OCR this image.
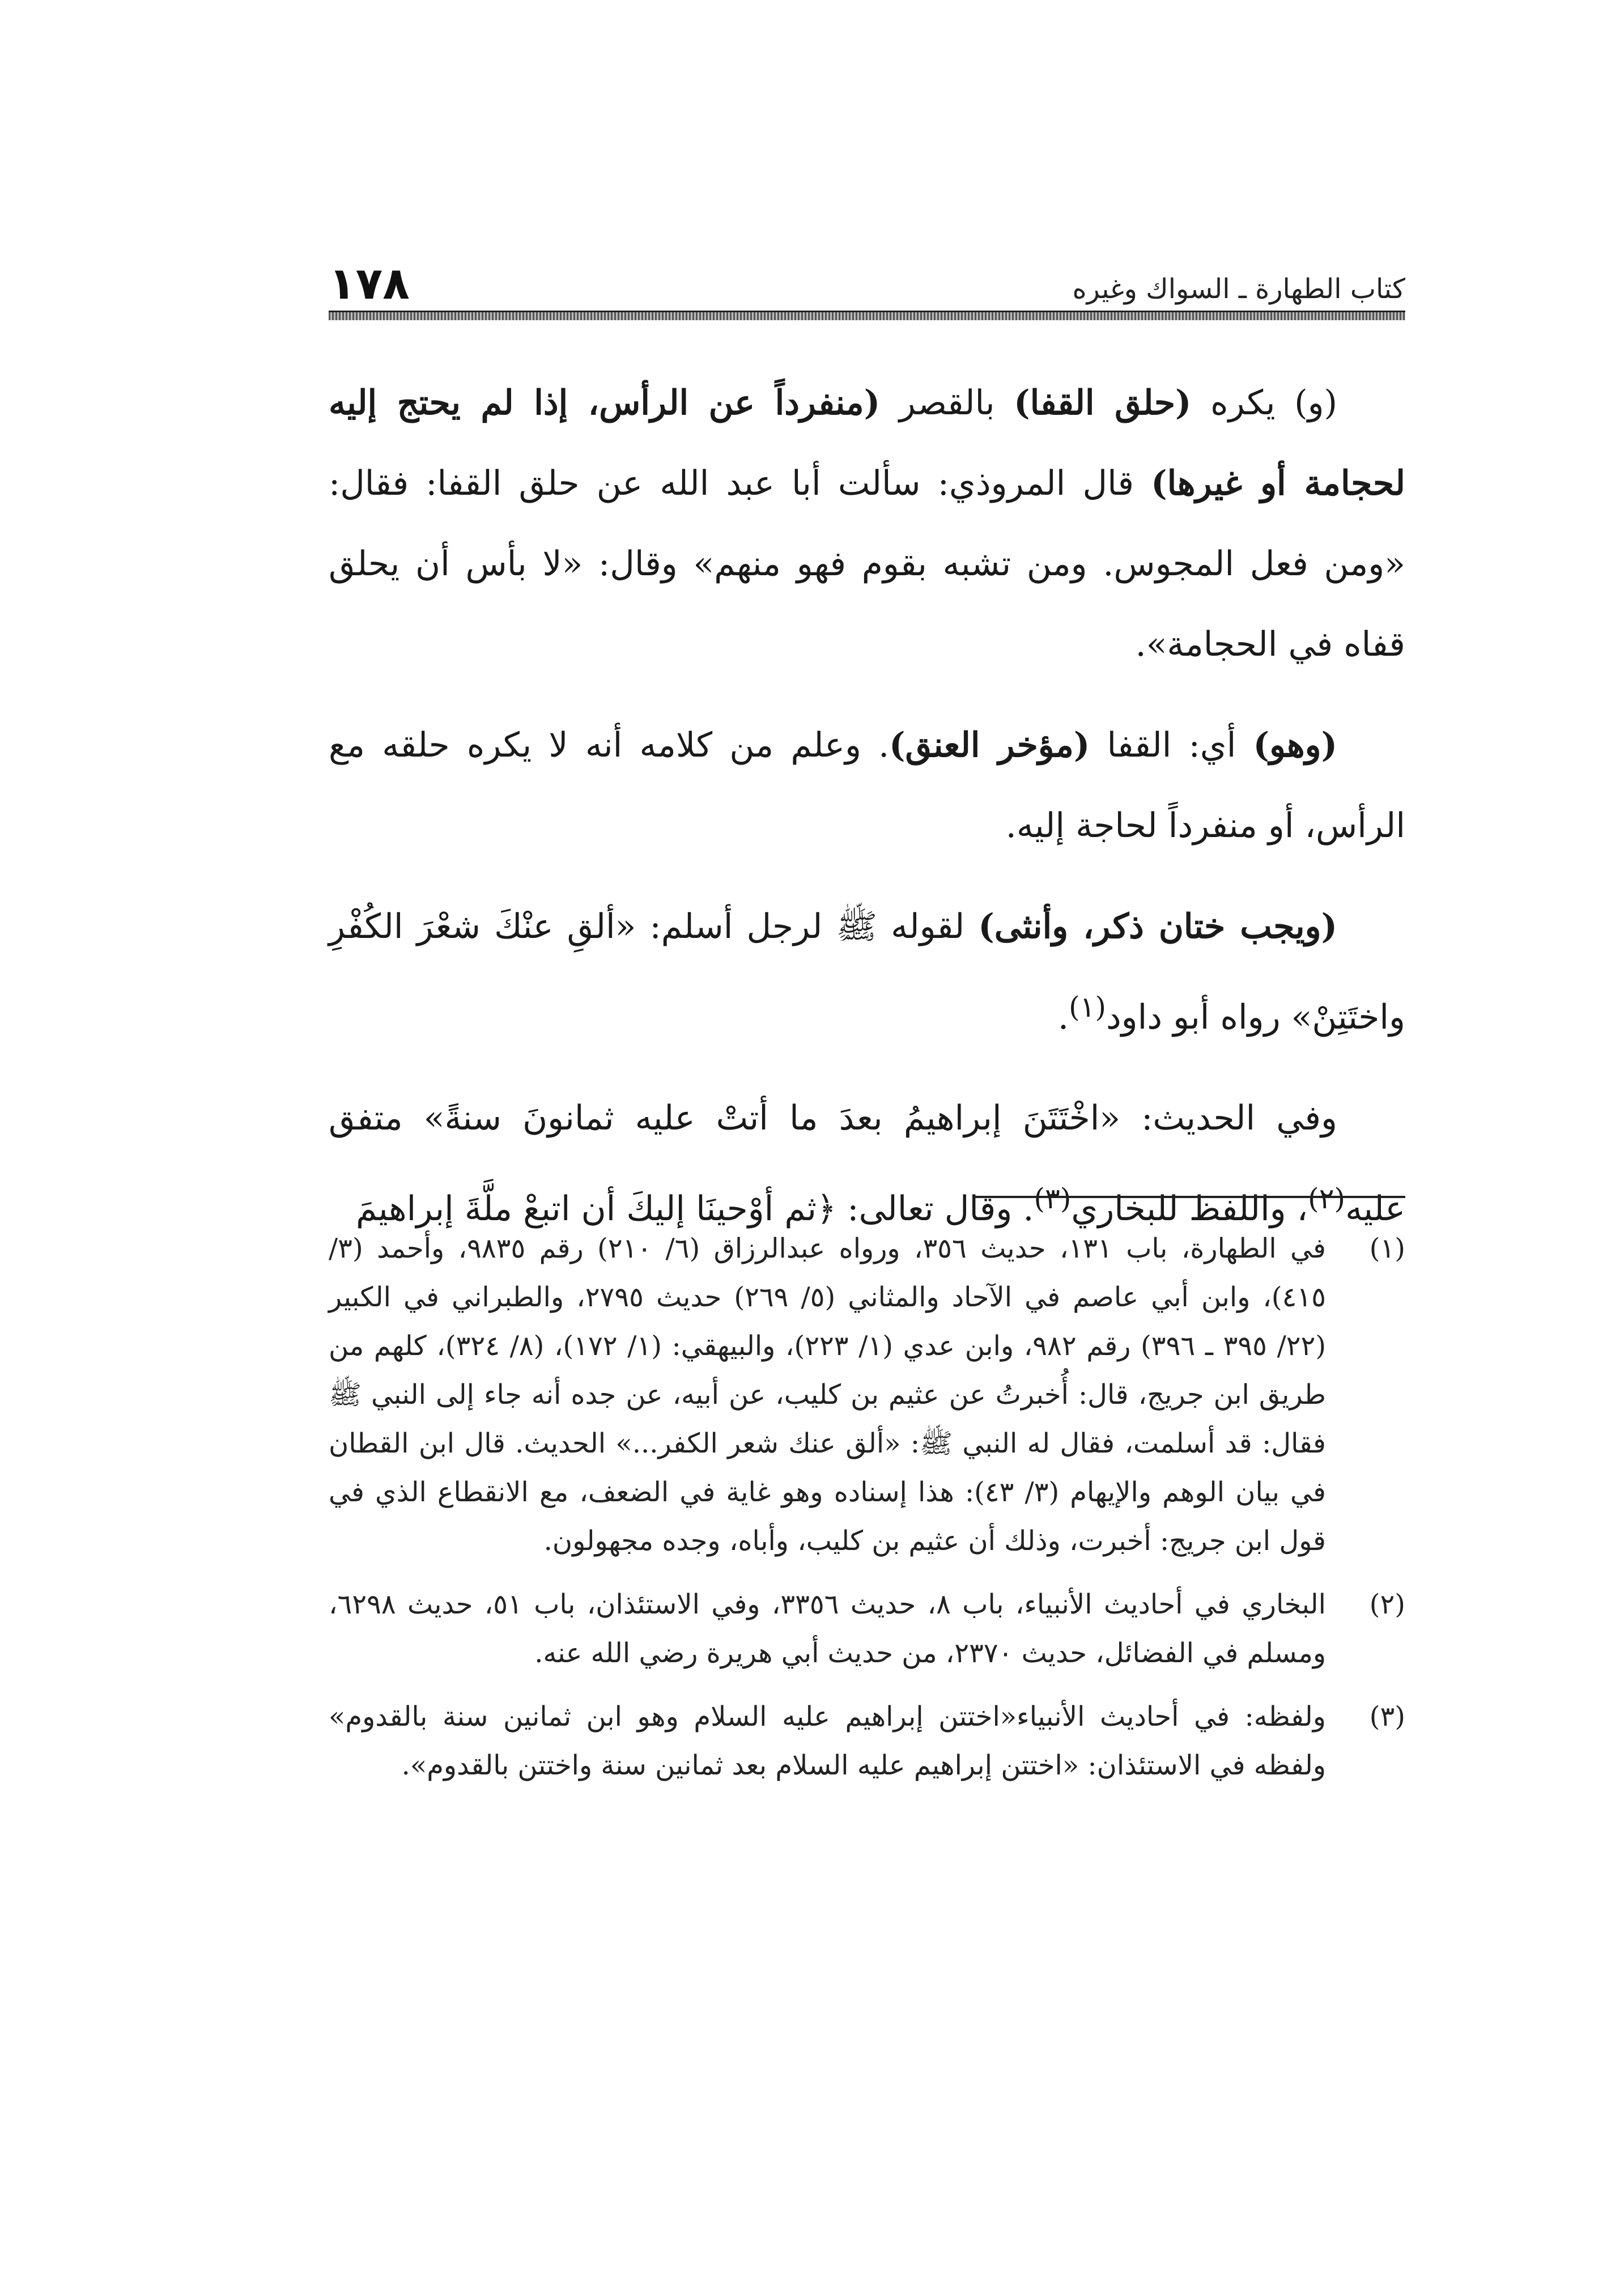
كتاب الطهارة ـ السواك وغيره
١٧٨

(و) يكره (حلق القفا) بالقصر (منفرداً عن الرأس، إذا لم يحتج إليه لحجامة أو غيرها) قال المروذي: سألت أبا عبد الله عن حلق القفا: فقال: «ومن فعل المجوس. ومن تشبه بقوم فهو منهم» وقال: «لا بأس أن يحلق قفاه في الحجامة».

(وهو) أي: القفا (مؤخر العنق). وعلم من كلامه أنه لا يكره حلقه مع الرأس، أو منفرداً لحاجة إليه.

(ويجب ختان ذكر، وأنثى) لقوله ﷺ لرجل أسلم: «ألقِ عنْكَ شعْرَ الكُفْرِ واختَتِنْ» رواه أبو داود$^{(١)}$.

وفي الحديث: «اخْتَتَنَ إبراهيمُ بعدَ ما أتتْ عليه ثمانونَ سنةً» متفق عليه$^{(٢)}$، واللفظ للبخاري$^{(٣)}$. وقال تعالى: ﴿ثم أوْحينَا إليكَ أن اتبعْ ملَّةَ إبراهيمَ

(١)
في الطهارة، باب ١٣١، حديث ٣٥٦، ورواه عبدالرزاق (٦/ ٢١٠) رقم ٩٨٣٥، وأحمد (٣/ ٤١٥)، وابن أبي عاصم في الآحاد والمثاني (٥/ ٢٦٩) حديث ٢٧٩٥، والطبراني في الكبير (٢٢/ ٣٩٥ ـ ٣٩٦) رقم ٩٨٢، وابن عدي (١/ ٢٢٣)، والبيهقي: (١/ ١٧٢)، (٨/ ٣٢٤)، كلهم من طريق ابن جريج، قال: أُخبرتُ عن عثيم بن كليب، عن أبيه، عن جده أنه جاء إلى النبي ﷺ فقال: قد أسلمت، فقال له النبي ﷺ: «ألق عنك شعر الكفر...» الحديث. قال ابن القطان في بيان الوهم والإيهام (٣/ ٤٣): هذا إسناده وهو غاية في الضعف، مع الانقطاع الذي في قول ابن جريج: أخبرت، وذلك أن عثيم بن كليب، وأباه، وجده مجهولون.
(٢)
البخاري في أحاديث الأنبياء، باب ٨، حديث ٣٣٥٦، وفي الاستئذان، باب ٥١، حديث ٦٢٩٨، ومسلم في الفضائل، حديث ٢٣٧٠، من حديث أبي هريرة رضي الله عنه.
(٣)
ولفظه: في أحاديث الأنبياء«اختتن إبراهيم عليه السلام وهو ابن ثمانين سنة بالقدوم» ولفظه في الاستئذان: «اختتن إبراهيم عليه السلام بعد ثمانين سنة واختتن بالقدوم».
